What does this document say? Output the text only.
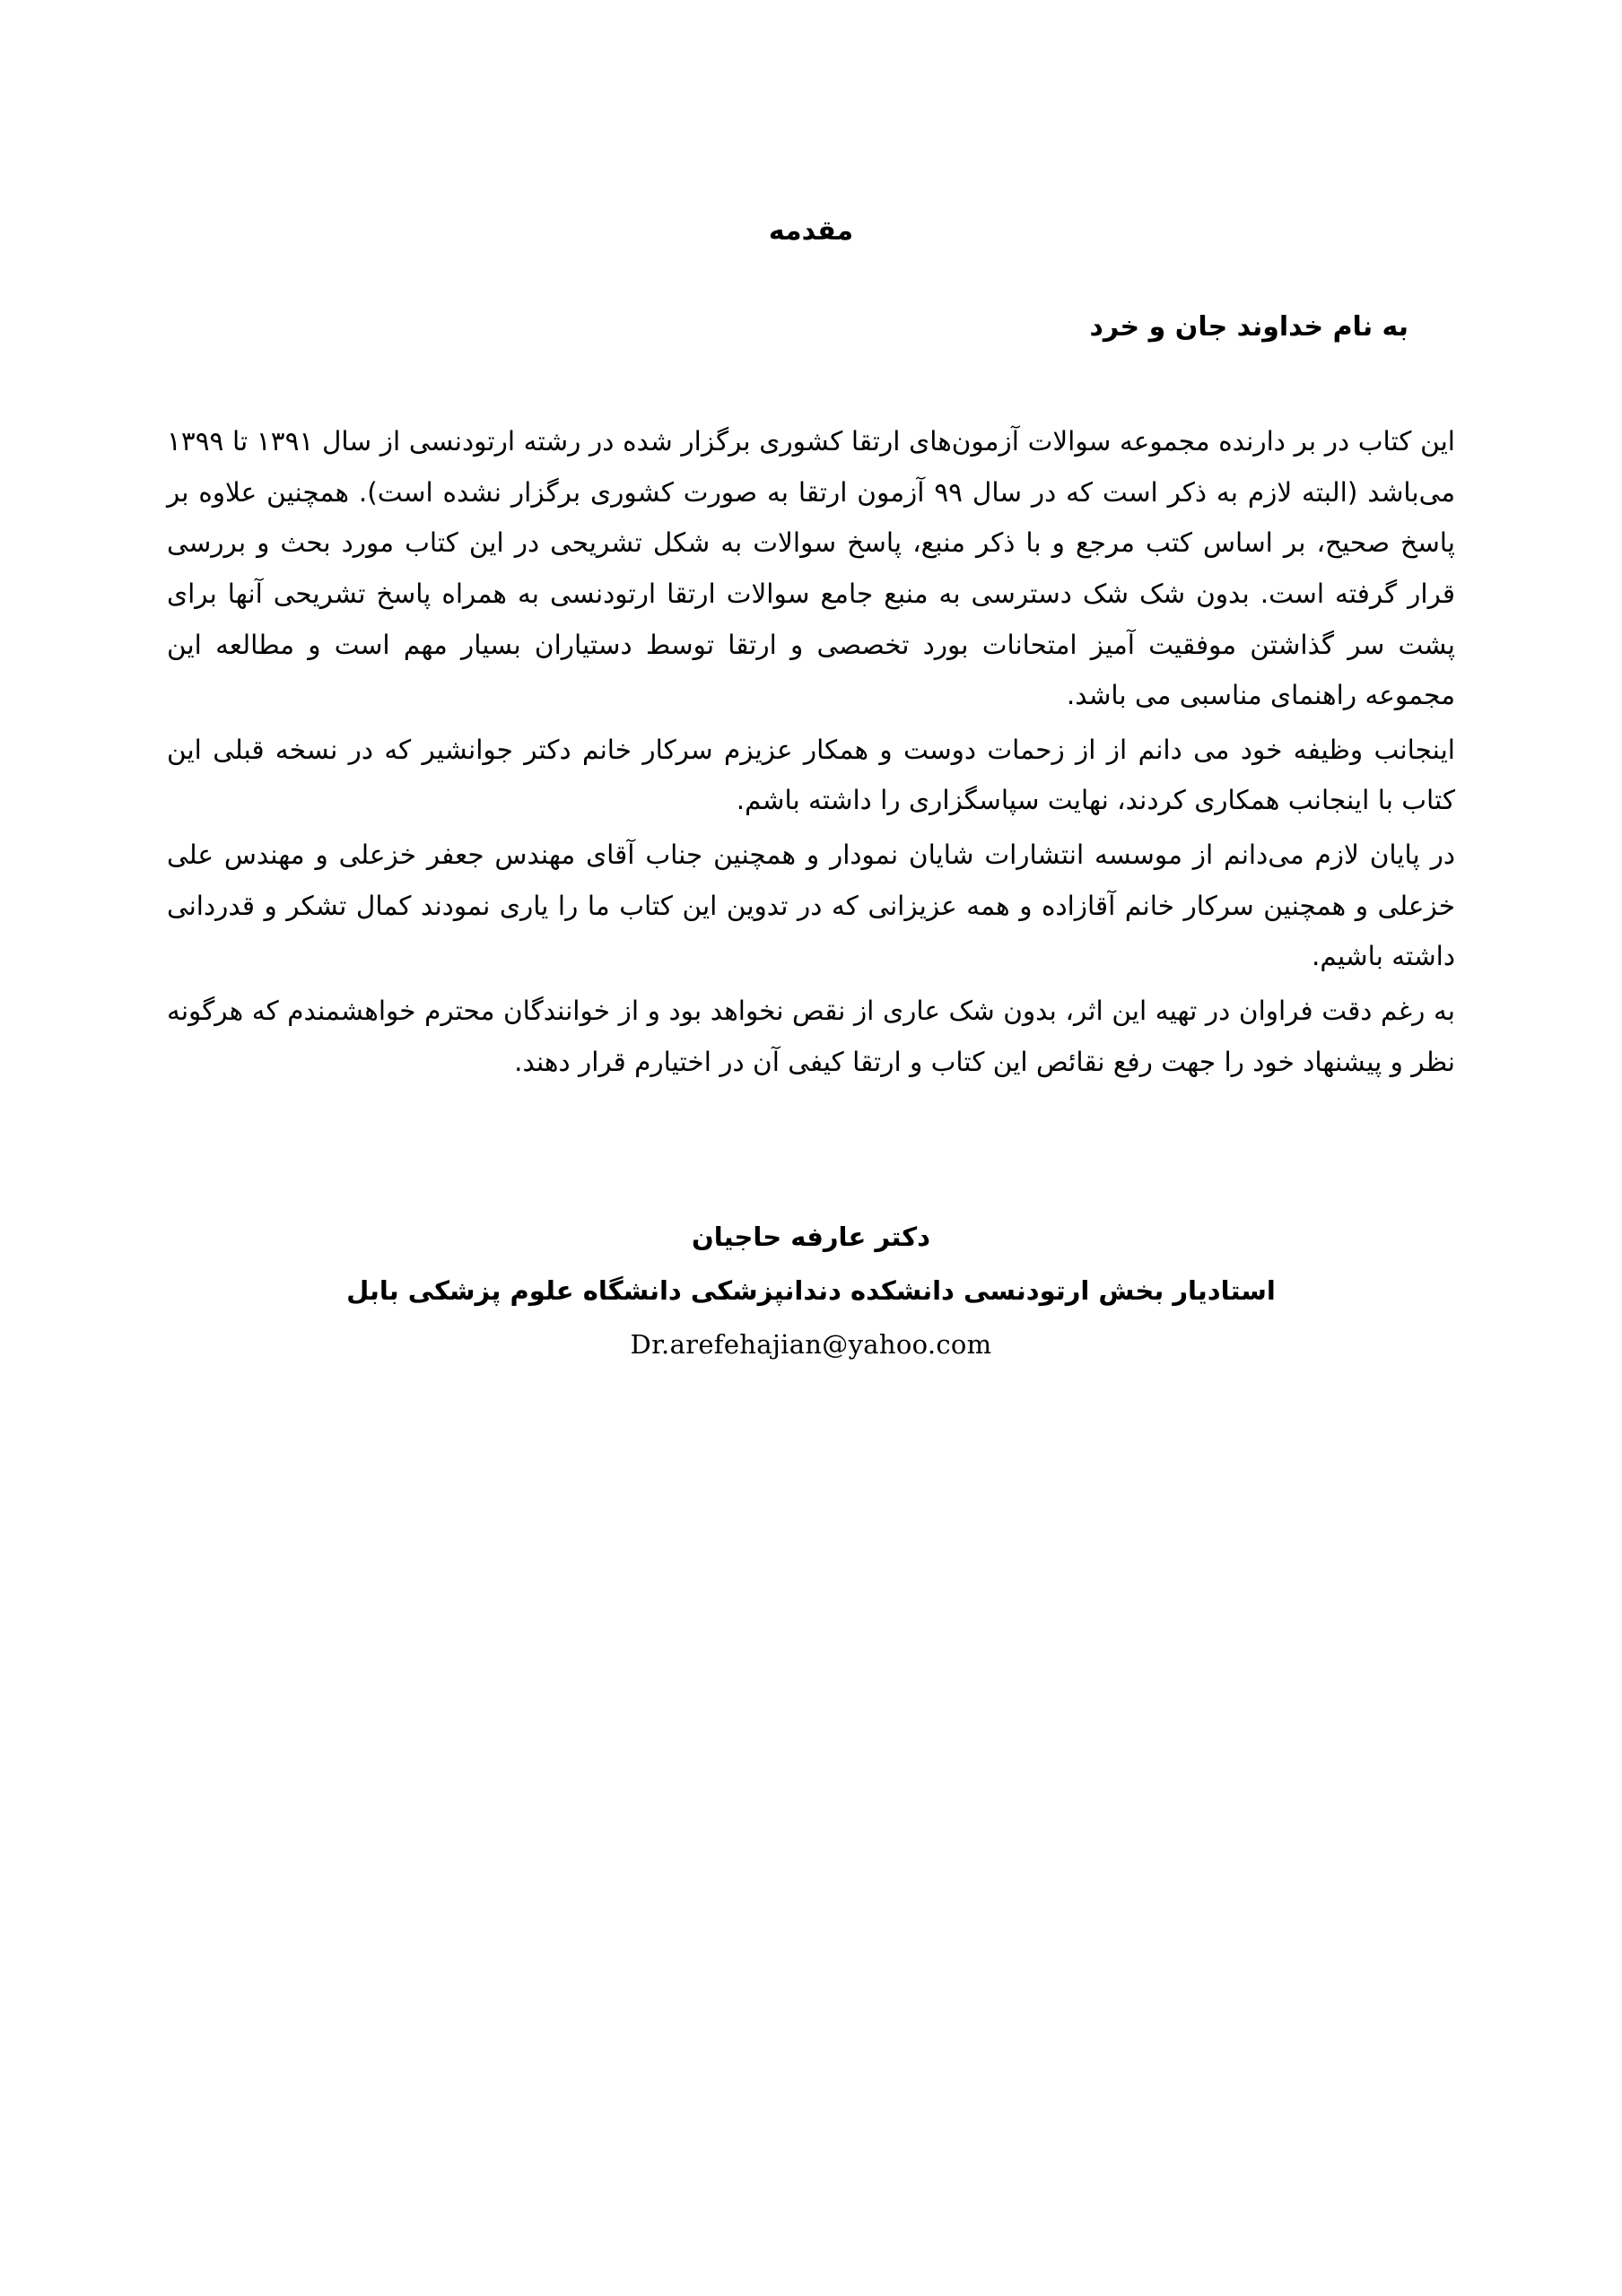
مقدمه
به نام خداوند جان و خرد

این کتاب در بر دارنده مجموعه سوالات آزمون‌های ارتقا کشوری برگزار شده در رشته ارتودنسی از سال ۱۳۹۱ تا ۱۳۹۹ می‌باشد (البته لازم به ذکر است که در سال ۹۹ آزمون ارتقا به صورت کشوری برگزار نشده است). همچنین علاوه بر پاسخ صحیح، بر اساس کتب مرجع و با ذکر منبع، پاسخ سوالات به شکل تشریحی در این کتاب مورد بحث و بررسی قرار گرفته است. بدون شک شک دسترسی به منبع جامع سوالات ارتقا ارتودنسی به همراه پاسخ تشریحی آنها برای پشت سر گذاشتن موفقیت آمیز امتحانات بورد تخصصی و ارتقا توسط دستیاران بسیار مهم است و مطالعه این مجموعه راهنمای مناسبی می باشد.

اینجانب وظیفه خود می دانم از از زحمات دوست و همکار عزیزم سرکار خانم دکتر جوانشیر که در نسخه قبلی این کتاب با اینجانب همکاری کردند، نهایت سپاسگزاری را داشته باشم.

در پایان لازم می‌دانم از موسسه انتشارات شایان نمودار و همچنین جناب آقای مهندس جعفر خزعلی و مهندس علی خزعلی و همچنین سرکار خانم آقازاده و همه عزیزانی که در تدوین این کتاب ما را یاری نمودند کمال تشکر و قدردانی داشته باشیم.

به رغم دقت فراوان در تهیه این اثر، بدون شک عاری از نقص نخواهد بود و از خوانندگان محترم خواهشمندم که هرگونه نظر و پیشنهاد خود را جهت رفع نقائص این کتاب و ارتقا کیفی آن در اختیارم قرار دهند.

دکتر عارفه حاجیان
استادیار بخش ارتودنسی دانشکده دندانپزشکی دانشگاه علوم پزشکی بابل
Dr.arefehajian@yahoo.com
